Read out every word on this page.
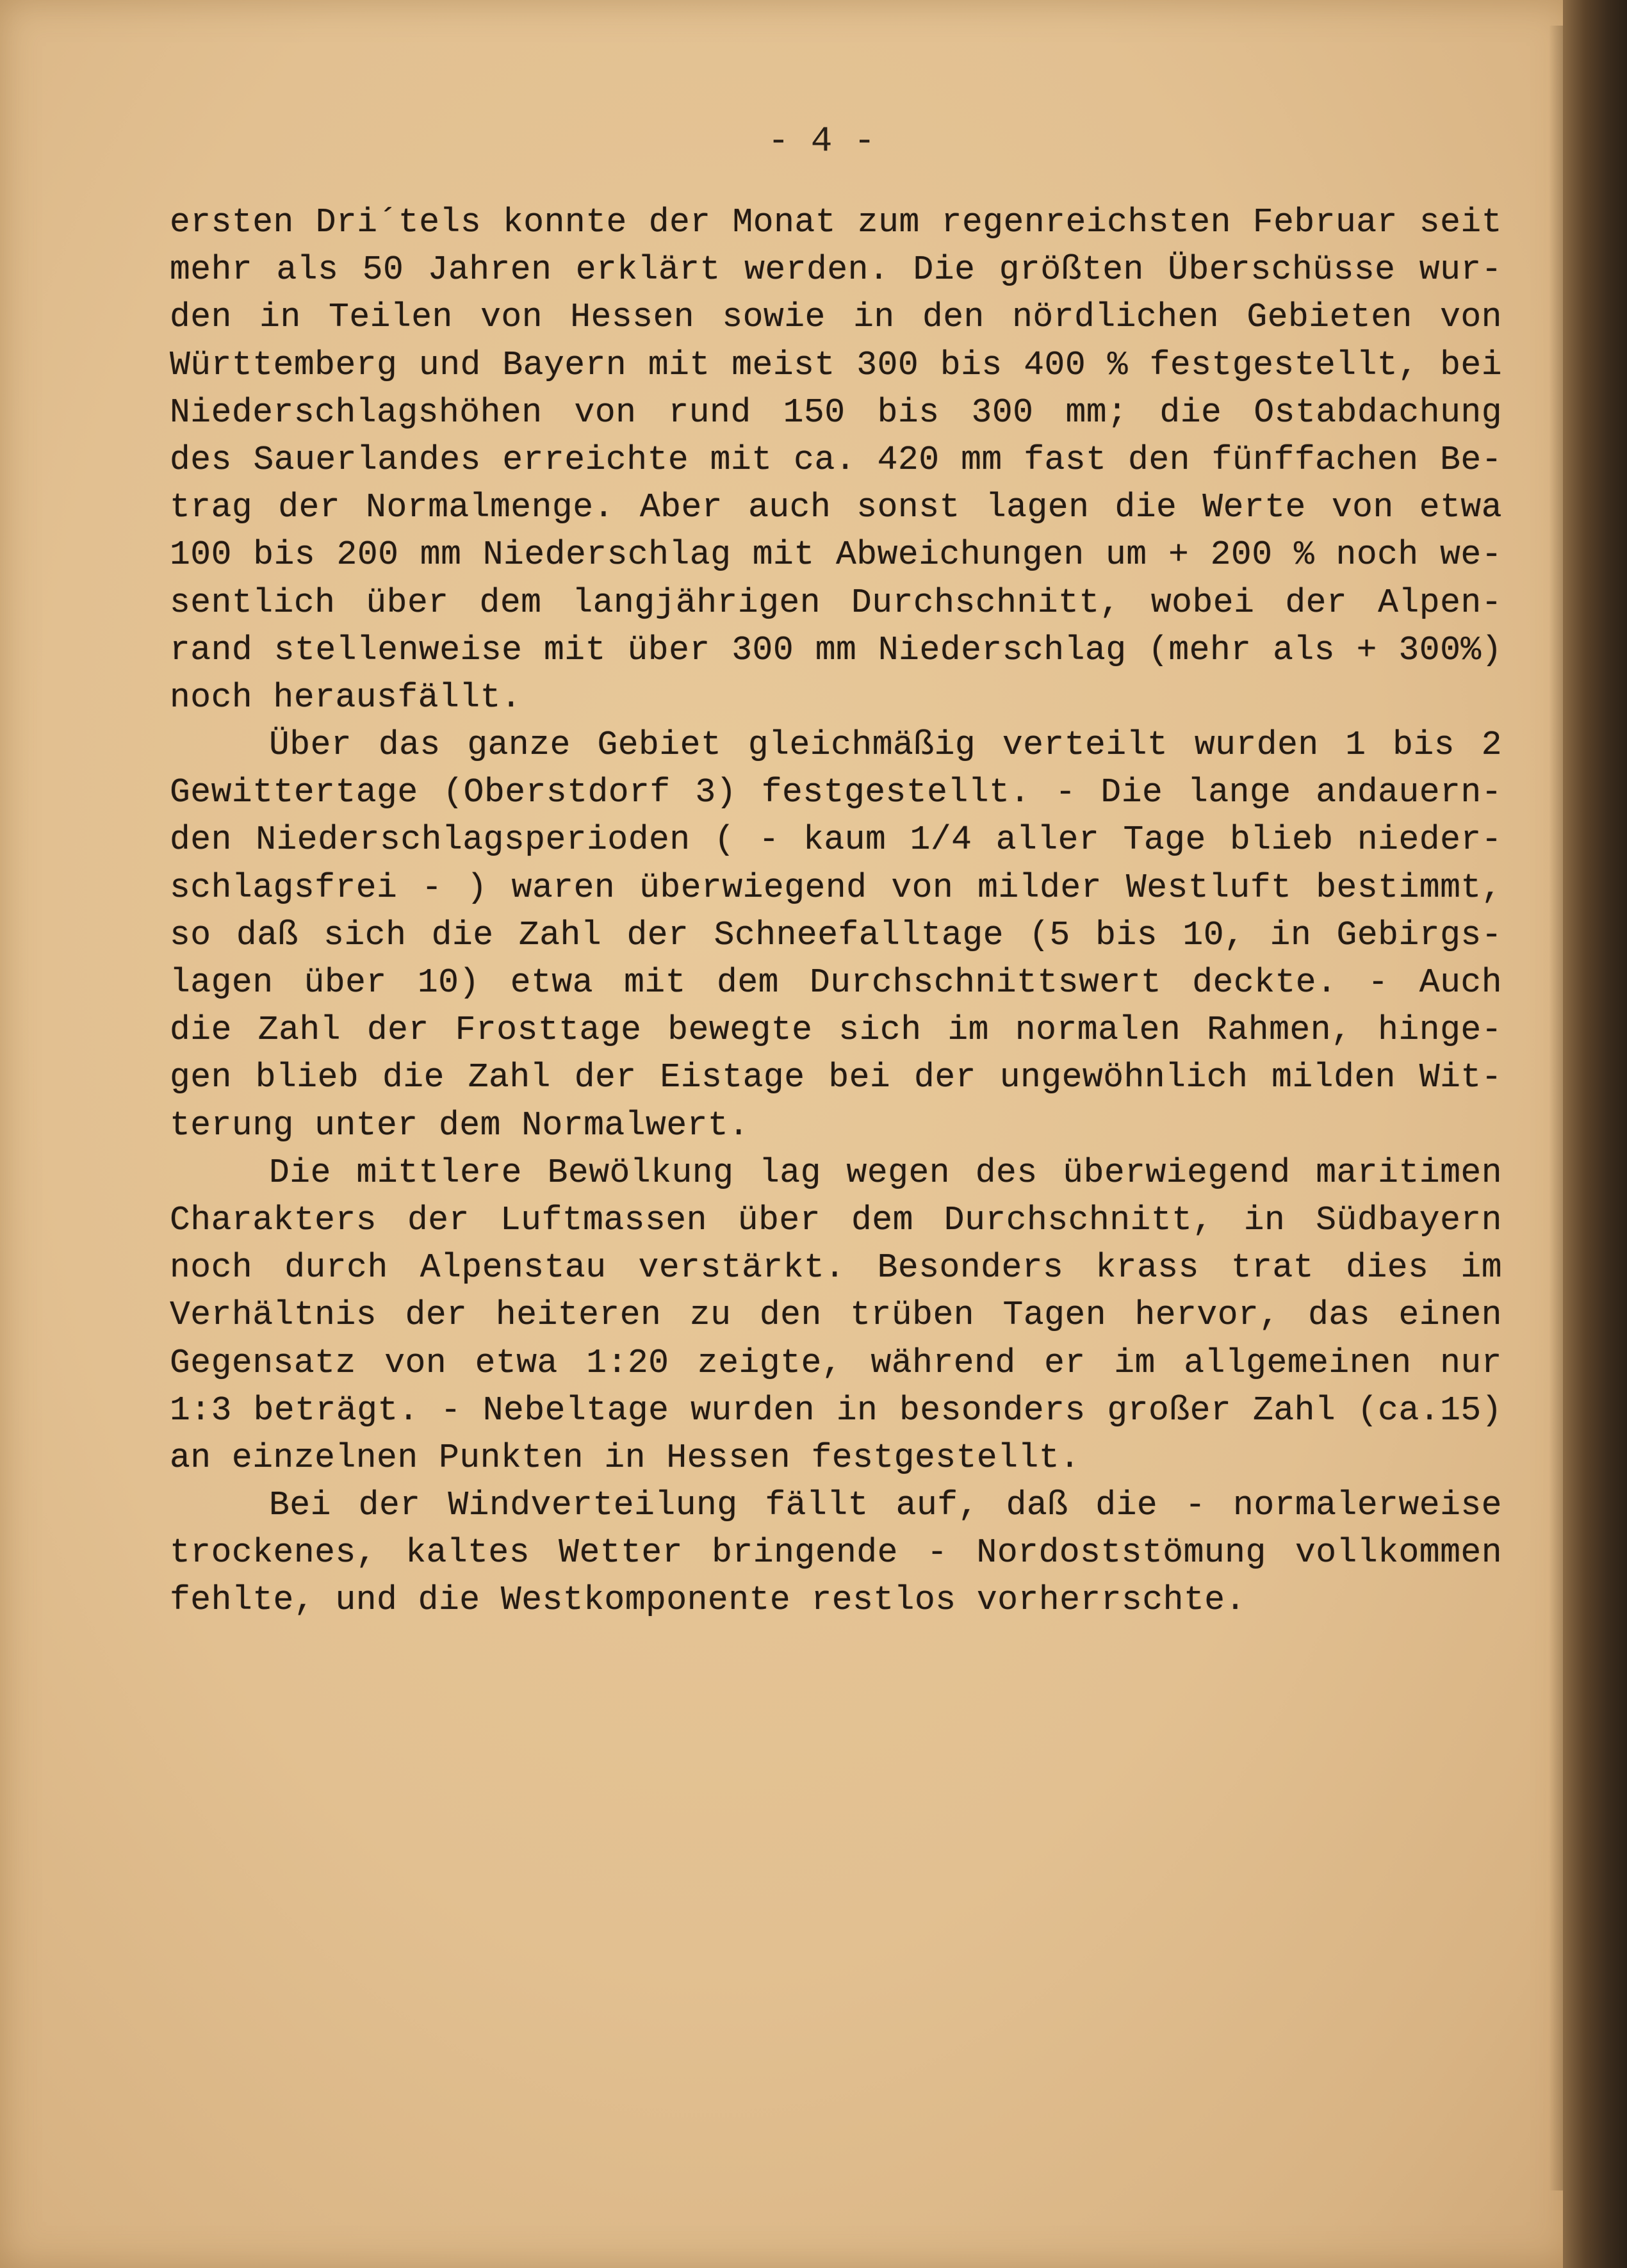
- 4 -
ersten Dri´tels konnte der Monat zum regenreichsten Februar seit
mehr als 50 Jahren erklärt werden. Die größten Überschüsse wur-
den in Teilen von Hessen sowie in den nördlichen Gebieten von
Württemberg und Bayern mit meist 300 bis 400 % festgestellt, bei
Niederschlagshöhen von rund 150 bis 300 mm; die Ostabdachung
des Sauerlandes erreichte mit ca. 420 mm fast den fünffachen Be-
trag der Normalmenge. Aber auch sonst lagen die Werte von etwa
100 bis 200 mm Niederschlag mit Abweichungen um + 200 % noch we-
sentlich über dem langjährigen Durchschnitt, wobei der Alpen-
rand stellenweise mit über 300 mm Niederschlag (mehr als + 300%)
noch herausfällt.
Über das ganze Gebiet gleichmäßig verteilt wurden 1 bis 2
Gewittertage (Oberstdorf 3) festgestellt. - Die lange andauern-
den Niederschlagsperioden ( - kaum 1/4 aller Tage blieb nieder-
schlagsfrei - ) waren überwiegend von milder Westluft bestimmt,
so daß sich die Zahl der Schneefalltage (5 bis 10, in Gebirgs-
lagen über 10) etwa mit dem Durchschnittswert deckte. - Auch
die Zahl der Frosttage bewegte sich im normalen Rahmen, hinge-
gen blieb die Zahl der Eistage bei der ungewöhnlich milden Wit-
terung unter dem Normalwert.
Die mittlere Bewölkung lag wegen des überwiegend maritimen
Charakters der Luftmassen über dem Durchschnitt, in Südbayern
noch durch Alpenstau verstärkt. Besonders krass trat dies im
Verhältnis der heiteren zu den trüben Tagen hervor, das einen
Gegensatz von etwa 1:20 zeigte, während er im allgemeinen nur
1:3 beträgt. - Nebeltage wurden in besonders großer Zahl (ca.15)
an einzelnen Punkten in Hessen festgestellt.
Bei der Windverteilung fällt auf, daß die - normalerweise
trockenes, kaltes Wetter bringende - Nordoststömung vollkommen
fehlte, und die Westkomponente restlos vorherrschte.
